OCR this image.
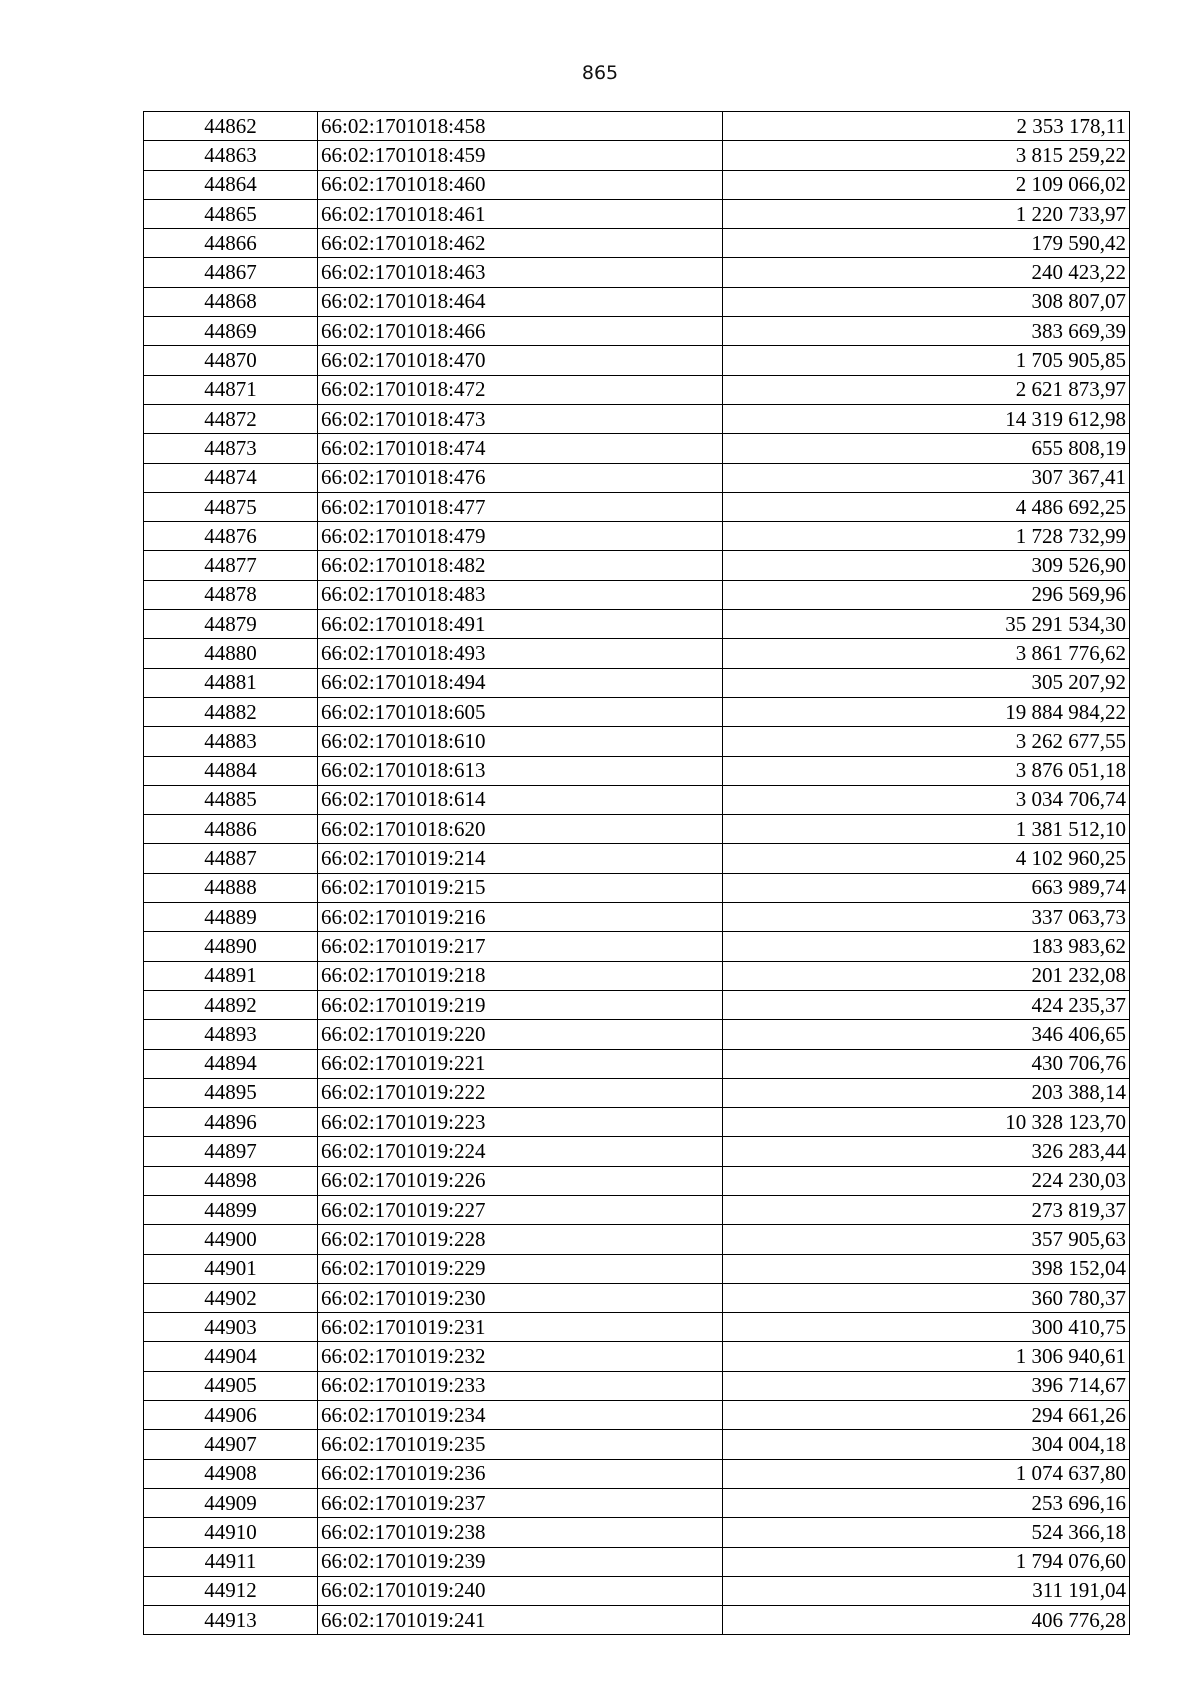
865
44862	66:02:1701018:458	2 353 178,11
44863	66:02:1701018:459	3 815 259,22
44864	66:02:1701018:460	2 109 066,02
44865	66:02:1701018:461	1 220 733,97
44866	66:02:1701018:462	179 590,42
44867	66:02:1701018:463	240 423,22
44868	66:02:1701018:464	308 807,07
44869	66:02:1701018:466	383 669,39
44870	66:02:1701018:470	1 705 905,85
44871	66:02:1701018:472	2 621 873,97
44872	66:02:1701018:473	14 319 612,98
44873	66:02:1701018:474	655 808,19
44874	66:02:1701018:476	307 367,41
44875	66:02:1701018:477	4 486 692,25
44876	66:02:1701018:479	1 728 732,99
44877	66:02:1701018:482	309 526,90
44878	66:02:1701018:483	296 569,96
44879	66:02:1701018:491	35 291 534,30
44880	66:02:1701018:493	3 861 776,62
44881	66:02:1701018:494	305 207,92
44882	66:02:1701018:605	19 884 984,22
44883	66:02:1701018:610	3 262 677,55
44884	66:02:1701018:613	3 876 051,18
44885	66:02:1701018:614	3 034 706,74
44886	66:02:1701018:620	1 381 512,10
44887	66:02:1701019:214	4 102 960,25
44888	66:02:1701019:215	663 989,74
44889	66:02:1701019:216	337 063,73
44890	66:02:1701019:217	183 983,62
44891	66:02:1701019:218	201 232,08
44892	66:02:1701019:219	424 235,37
44893	66:02:1701019:220	346 406,65
44894	66:02:1701019:221	430 706,76
44895	66:02:1701019:222	203 388,14
44896	66:02:1701019:223	10 328 123,70
44897	66:02:1701019:224	326 283,44
44898	66:02:1701019:226	224 230,03
44899	66:02:1701019:227	273 819,37
44900	66:02:1701019:228	357 905,63
44901	66:02:1701019:229	398 152,04
44902	66:02:1701019:230	360 780,37
44903	66:02:1701019:231	300 410,75
44904	66:02:1701019:232	1 306 940,61
44905	66:02:1701019:233	396 714,67
44906	66:02:1701019:234	294 661,26
44907	66:02:1701019:235	304 004,18
44908	66:02:1701019:236	1 074 637,80
44909	66:02:1701019:237	253 696,16
44910	66:02:1701019:238	524 366,18
44911	66:02:1701019:239	1 794 076,60
44912	66:02:1701019:240	311 191,04
44913	66:02:1701019:241	406 776,28
